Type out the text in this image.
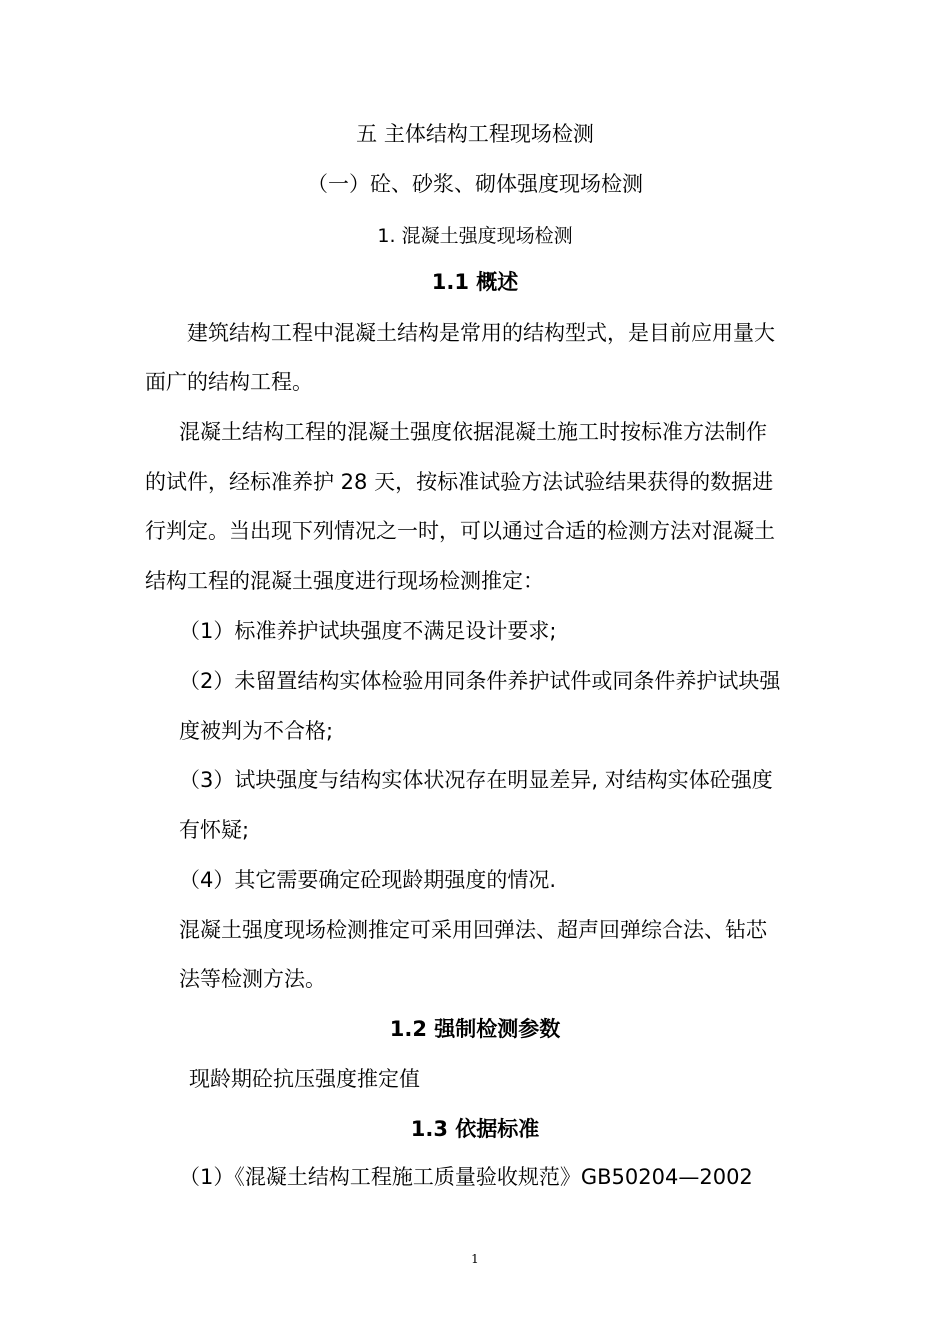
五 主体结构工程现场检测
（一）砼、砂浆、砌体强度现场检测
1. 混凝土强度现场检测
1.1 概述
建筑结构工程中混凝土结构是常用的结构型式，是目前应用量大
面广的结构工程。
混凝土结构工程的混凝土强度依据混凝土施工时按标准方法制作
的试件，经标准养护 28 天，按标准试验方法试验结果获得的数据进
行判定。当出现下列情况之一时，可以通过合适的检测方法对混凝土
结构工程的混凝土强度进行现场检测推定：
（1）标准养护试块强度不满足设计要求;
（2）未留置结构实体检验用同条件养护试件或同条件养护试块强
度被判为不合格;
（3）试块强度与结构实体状况存在明显差异, 对结构实体砼强度
有怀疑;
（4）其它需要确定砼现龄期强度的情况.
混凝土强度现场检测推定可采用回弹法、超声回弹综合法、钻芯
法等检测方法。
1.2 强制检测参数
现龄期砼抗压强度推定值
1.3 依据标准
（1）《混凝土结构工程施工质量验收规范》GB50204—2002
1
